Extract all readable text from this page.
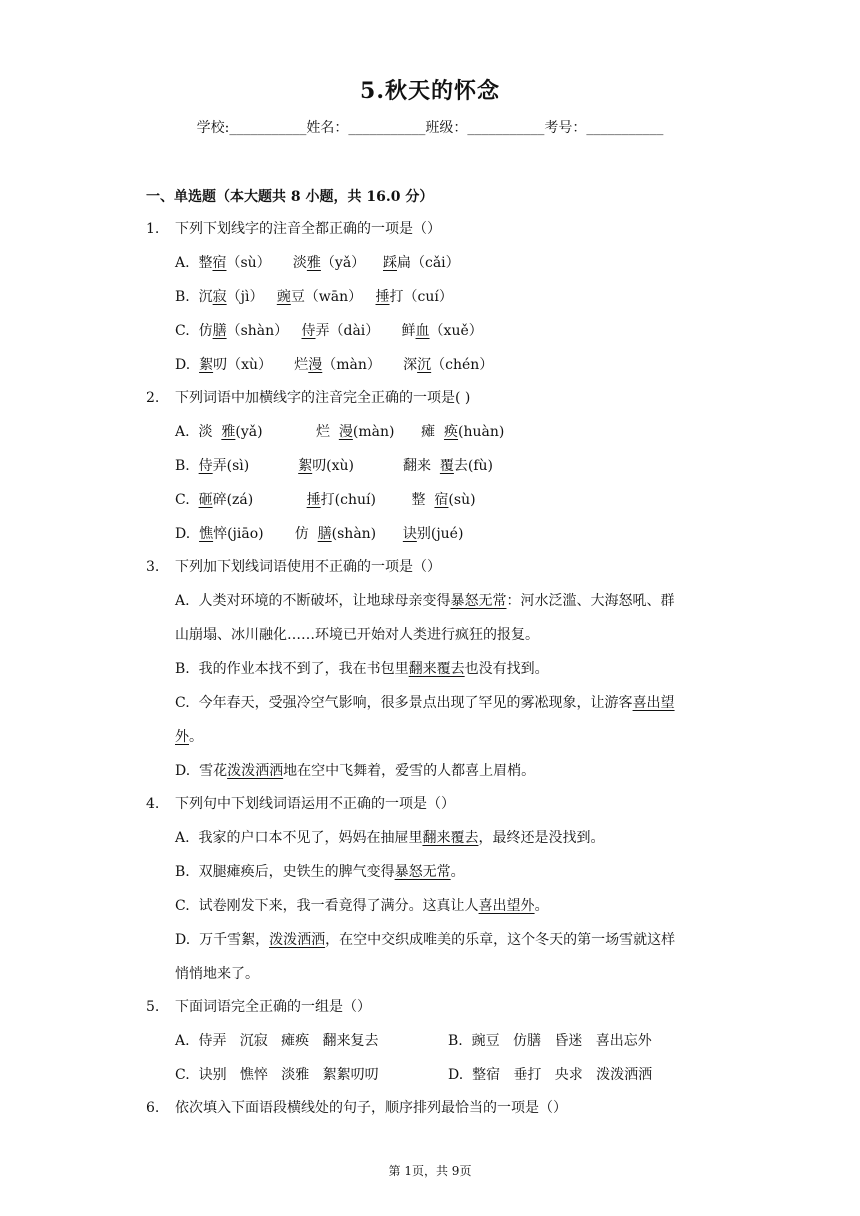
5.秋天的怀念
学校:___________姓名：___________班级：___________考号：___________
一、单选题（本大题共 8 小题，共 16.0 分）
1. 下列下划线字的注音全都正确的一项是（）
A.  整宿（sù）     淡雅（yǎ）    踩扁（cǎi）
B.  沉寂（jì）   豌豆（wān）   捶打（cuí）
C.  仿膳（shàn）   侍弄（dài）     鲜血（xuě）
D.  絮叨（xù）     烂漫（màn）     深沉（chén）
2. 下列词语中加横线字的注音完全正确的一项是( )
A.  淡  雅(yǎ)            烂  漫(màn)      瘫  痪(huàn)
B.  侍弄(sì)           絮叨(xù)           翻来  覆去(fù)
C.  砸碎(zá)            捶打(chuí)        整  宿(sù)
D.  憔悴(jiāo)       仿  膳(shàn)      诀别(jué)
3. 下列加下划线词语使用不正确的一项是（）
A.  人类对环境的不断破坏，让地球母亲变得暴怒无常：河水泛滥、大海怒吼、群
山崩塌、冰川融化……环境已开始对人类进行疯狂的报复。
B.  我的作业本找不到了，我在书包里翻来覆去也没有找到。
C.  今年春天，受强冷空气影响，很多景点出现了罕见的雾凇现象，让游客喜出望
外。
D.  雪花泼泼洒洒地在空中飞舞着，爱雪的人都喜上眉梢。
4. 下列句中下划线词语运用不正确的一项是（）
A.  我家的户口本不见了，妈妈在抽屉里翻来覆去，最终还是没找到。
B.  双腿瘫痪后，史铁生的脾气变得暴怒无常。
C.  试卷刚发下来，我一看竟得了满分。这真让人喜出望外。
D.  万千雪絮，泼泼洒洒，在空中交织成唯美的乐章，这个冬天的第一场雪就这样
悄悄地来了。
5. 下面词语完全正确的一组是（）
A.  侍弄   沉寂   瘫痪   翻来复去	B.  豌豆   仿膳   昏迷   喜出忘外
C.  诀别   憔悴   淡雅   絮絮叨叨	D.  整宿   垂打   央求   泼泼洒洒
6. 依次填入下面语段横线处的句子，顺序排列最恰当的一项是（）
第 1页，共 9页
